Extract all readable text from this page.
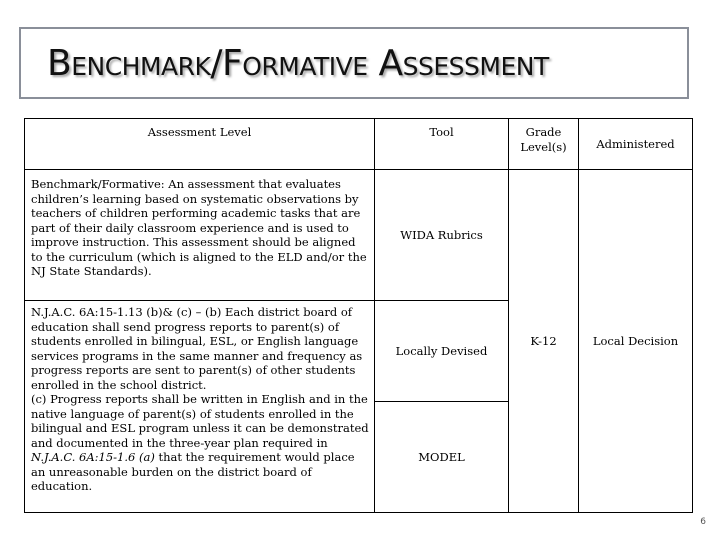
Benchmark/Formative Assessment
Assessment Level	Tool	Grade Level(s)	Administered
Benchmark/Formative: An assessment that evaluates children’s learning based on systematic observations by teachers of children performing academic tasks that are part of their daily classroom experience and is used to improve instruction. This assessment should be aligned to the curriculum (which is aligned to the ELD and/or the NJ State Standards).	WIDA Rubrics	K-12	Local Decision
N.J.A.C. 6A:15-1.13 (b)& (c) – (b) Each district board of education shall send progress reports to parent(s) of students enrolled in bilingual, ESL, or English language services programs in the same manner and frequency as progress reports are sent to parent(s) of other students enrolled in the school district.
(c) Progress reports shall be written in English and in the native language of parent(s) of students enrolled in the bilingual and ESL program unless it can be demonstrated and documented in the three-year plan required in N.J.A.C. 6A:15-1.6 (a) that the requirement would place an unreasonable burden on the district board of education.	Locally Devised		
	MODEL		
6
